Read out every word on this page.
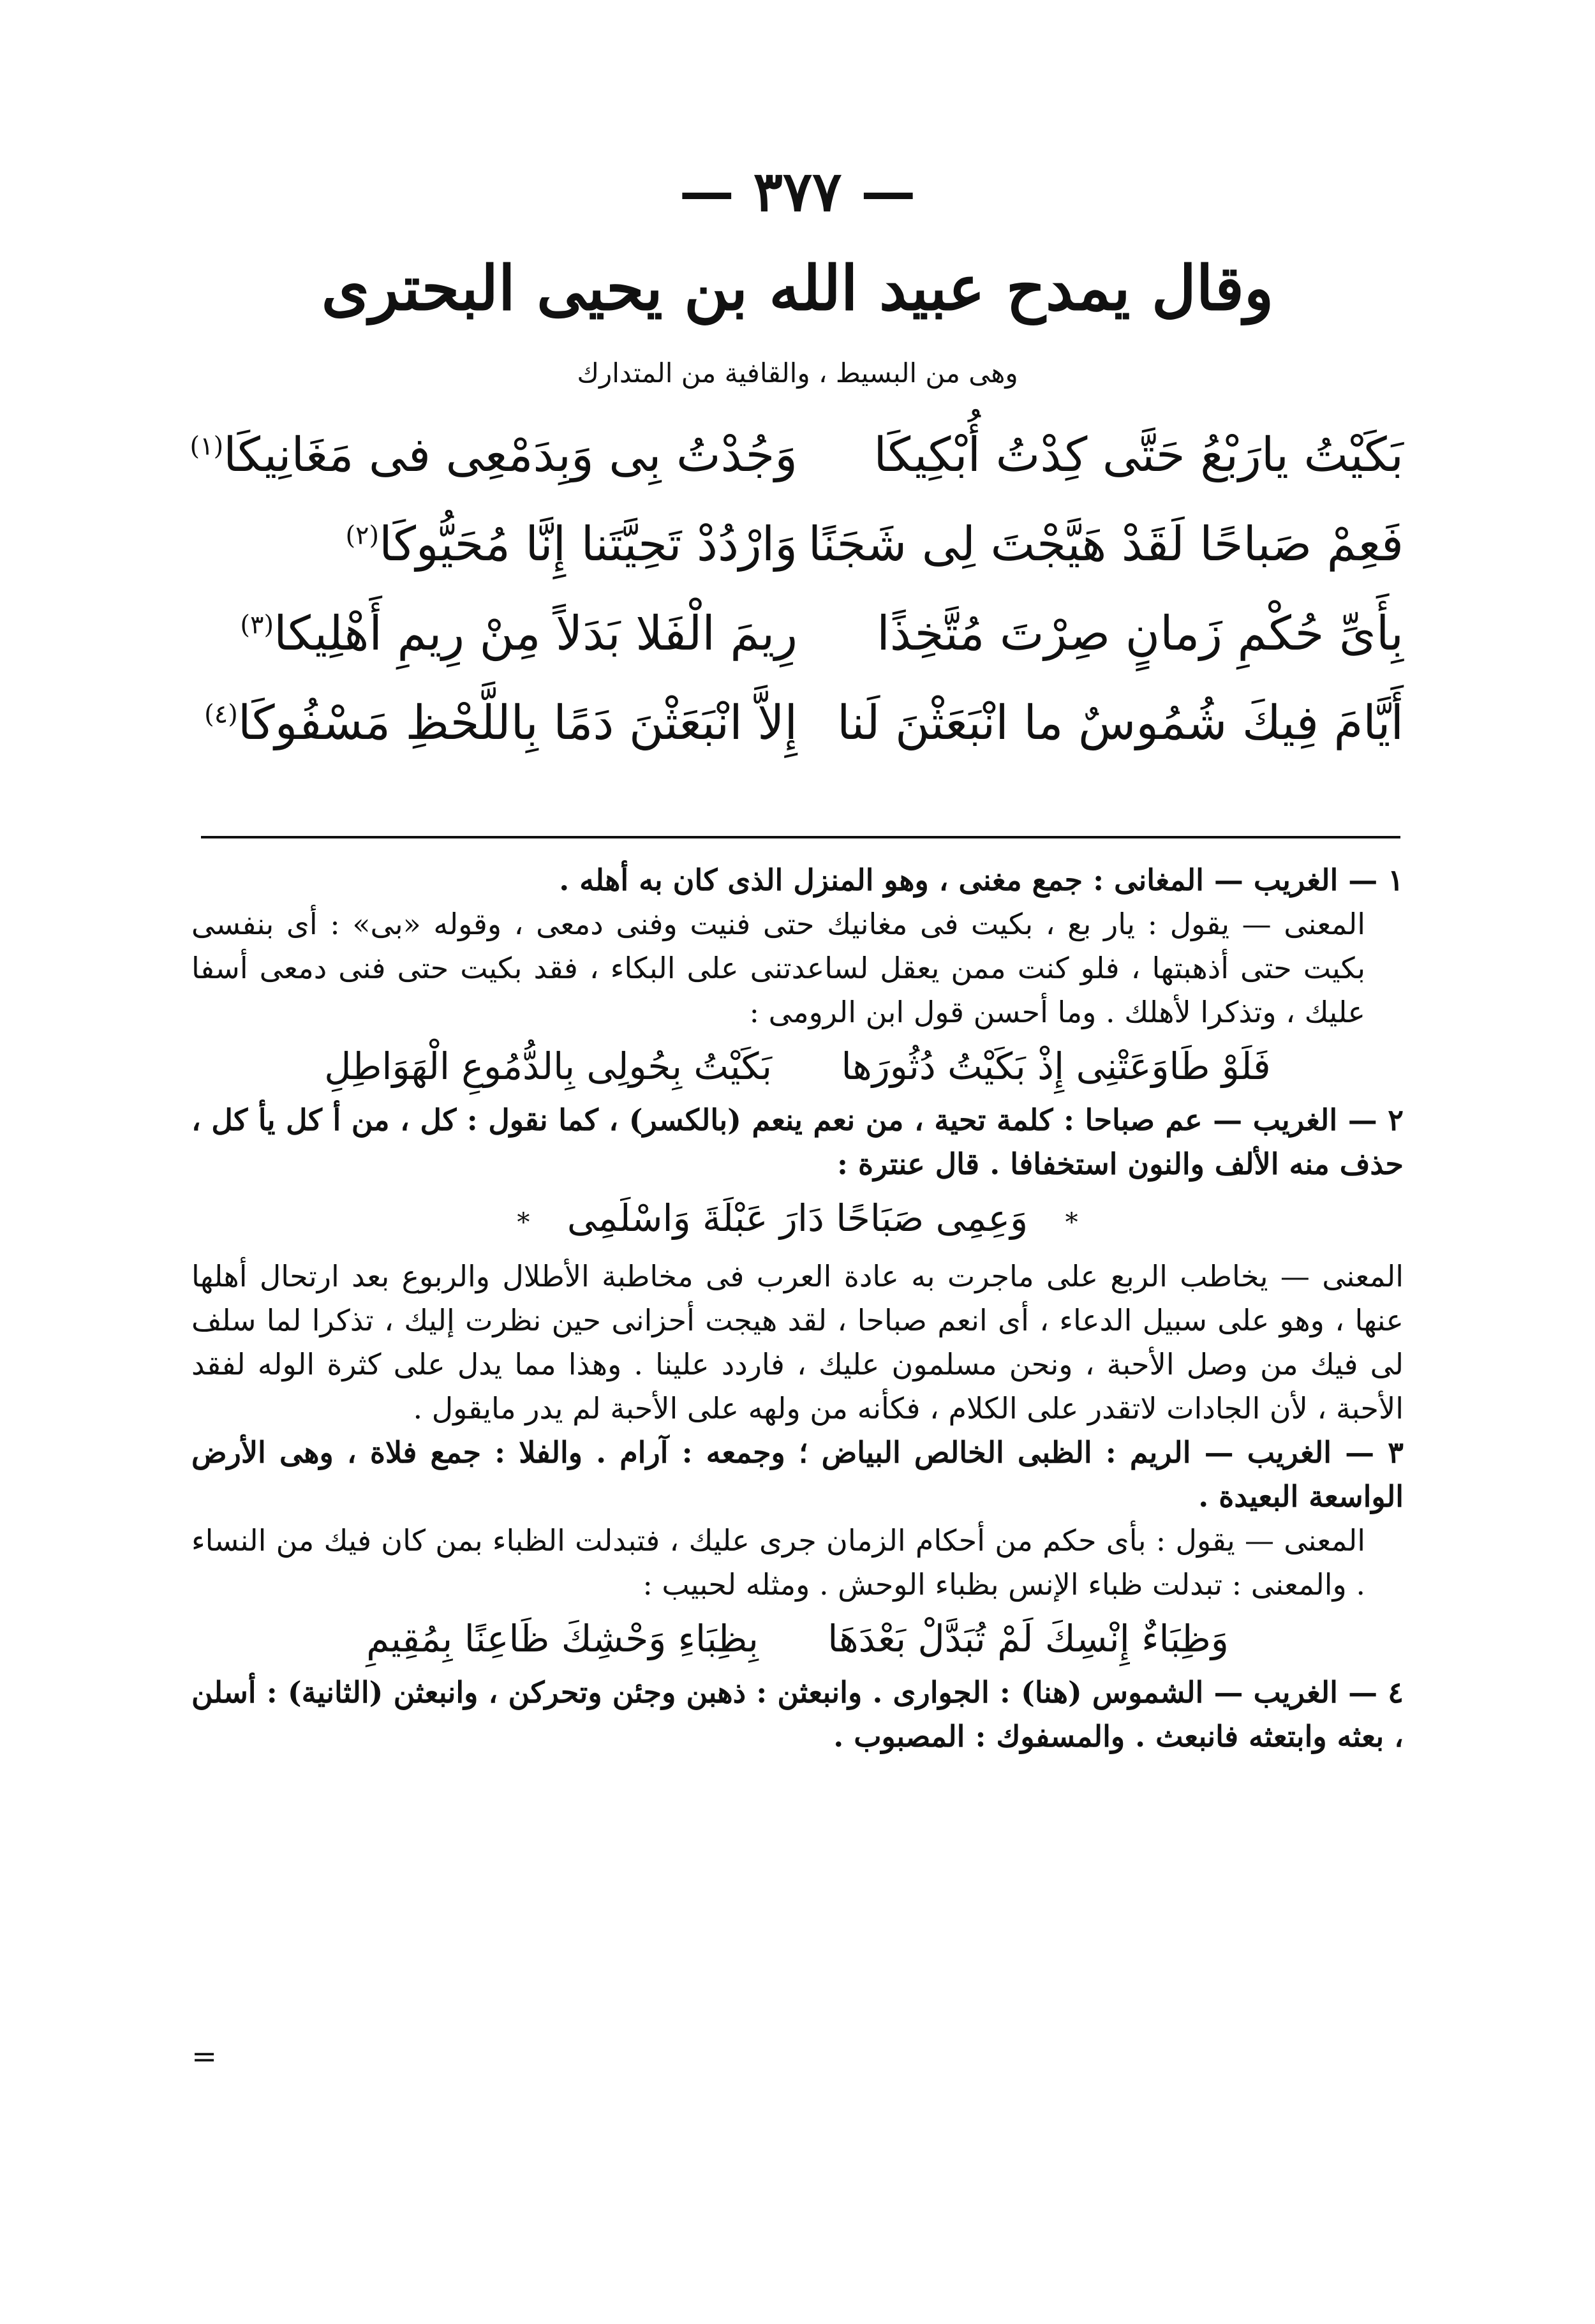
— ٣٧٧ —
وقال يمدح عبيد الله بن يحيى البحترى
وهى من البسيط ، والقافية من المتدارك
بَكَيْتُ يارَبْعُ حَتَّى كِدْتُ أُبْكِيكَا
وَجُدْتُ بِى وَبِدَمْعِى فى مَغَانِيكَا$^{(١)}$
فَعِمْ صَباحًا لَقَدْ هَيَّجْتَ لِى شَجَنًا
وَارْدُدْ تَحِيَّتَنا إِنَّا مُحَيُّوكَا$^{(٢)}$
بِأَىِّ حُكْمِ زَمانٍ صِرْتَ مُتَّخِذًا
رِيمَ الْفَلا بَدَلاً مِنْ رِيمِ أَهْلِيكا$^{(٣)}$
أَيَّامَ فِيكَ شُمُوسٌ ما انْبَعَثْنَ لَنا
إِلاَّ انْبَعَثْنَ دَمًا بِاللَّحْظِ مَسْفُوكَا$^{(٤)}$

١ — الغريب — المغانى : جمع مغنى ، وهو المنزل الذى كان به أهله .

المعنى — يقول : يار بع ، بكيت فى مغانيك حتى فنيت وفنى دمعى ، وقوله «بى» : أى بنفسى بكيت حتى أذهبتها ، فلو كنت ممن يعقل لساعدتنى على البكاء ، فقد بكيت حتى فنى دمعى أسفا عليك ، وتذكرا لأهلك . وما أحسن قول ابن الرومى :

فَلَوْ طَاوَعَتْنِى إِذْ بَكَيْتُ دُثُورَها بَكَيْتُ بِحُولِى بِالدُّمُوعِ الْهَوَاطِلِ

٢ — الغريب — عم صباحا : كلمة تحية ، من نعم ينعم (بالكسر) ، كما نقول : كل ، من أ كل يأ كل ، حذف منه الألف والنون استخفافا . قال عنترة :

* وَعِمِى صَبَاحًا دَارَ عَبْلَةَ وَاسْلَمِى *

المعنى — يخاطب الربع على ماجرت به عادة العرب فى مخاطبة الأطلال والربوع بعد ارتحال أهلها عنها ، وهو على سبيل الدعاء ، أى انعم صباحا ، لقد هيجت أحزانى حين نظرت إليك ، تذكرا لما سلف لى فيك من وصل الأحبة ، ونحن مسلمون عليك ، فاردد علينا . وهذا مما يدل على كثرة الوله لفقد الأحبة ، لأن الجادات لاتقدر على الكلام ، فكأنه من ولهه على الأحبة لم يدر مايقول .

٣ — الغريب — الريم : الظبى الخالص البياض ؛ وجمعه : آرام . والفلا : جمع فلاة ، وهى الأرض الواسعة البعيدة .

المعنى — يقول : بأى حكم من أحكام الزمان جرى عليك ، فتبدلت الظباء بمن كان فيك من النساء . والمعنى : تبدلت ظباء الإنس بظباء الوحش . ومثله لحبيب :

وَظِبَاءٌ إِنْسِكَ لَمْ تُبَدَّلْ بَعْدَهَا بِظِبَاءِ وَحْشِكَ ظَاعِنًا بِمُقِيمِ

٤ — الغريب — الشموس (هنا) : الجوارى . وانبعثن : ذهبن وجئن وتحركن ، وانبعثن (الثانية) : أسلن ، بعثه وابتعثه فانبعث . والمسفوك : المصبوب .

=
